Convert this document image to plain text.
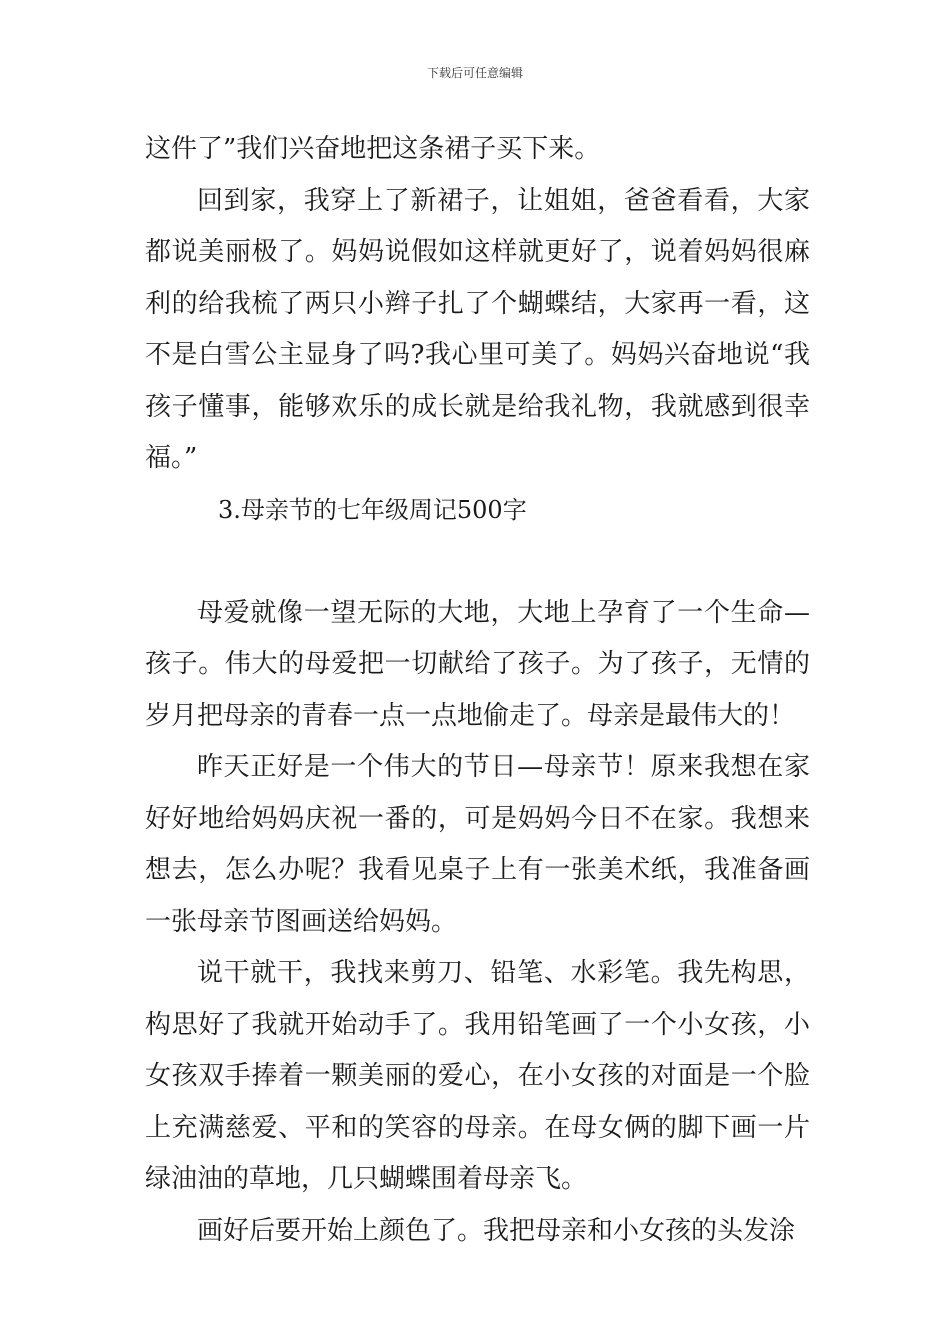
下载后可任意编辑

这件了”我们兴奋地把这条裙子买下来。

回到家，我穿上了新裙子，让姐姐，爸爸看看，大家都说美丽极了。妈妈说假如这样就更好了，说着妈妈很麻利的给我梳了两只小辫子扎了个蝴蝶结，大家再一看，这不是白雪公主显身了吗?我心里可美了。妈妈兴奋地说“我孩子懂事，能够欢乐的成长就是给我礼物，我就感到很幸福。”

3.母亲节的七年级周记500字

母爱就像一望无际的大地，大地上孕育了一个生命—孩子。伟大的母爱把一切献给了孩子。为了孩子，无情的岁月把母亲的青春一点一点地偷走了。母亲是最伟大的！

昨天正好是一个伟大的节日—母亲节！原来我想在家好好地给妈妈庆祝一番的，可是妈妈今日不在家。我想来想去，怎么办呢？我看见桌子上有一张美术纸，我准备画一张母亲节图画送给妈妈。

说干就干，我找来剪刀、铅笔、水彩笔。我先构思，构思好了我就开始动手了。我用铅笔画了一个小女孩，小女孩双手捧着一颗美丽的爱心，在小女孩的对面是一个脸上充满慈爱、平和的笑容的母亲。在母女俩的脚下画一片绿油油的草地，几只蝴蝶围着母亲飞。

画好后要开始上颜色了。我把母亲和小女孩的头发涂
